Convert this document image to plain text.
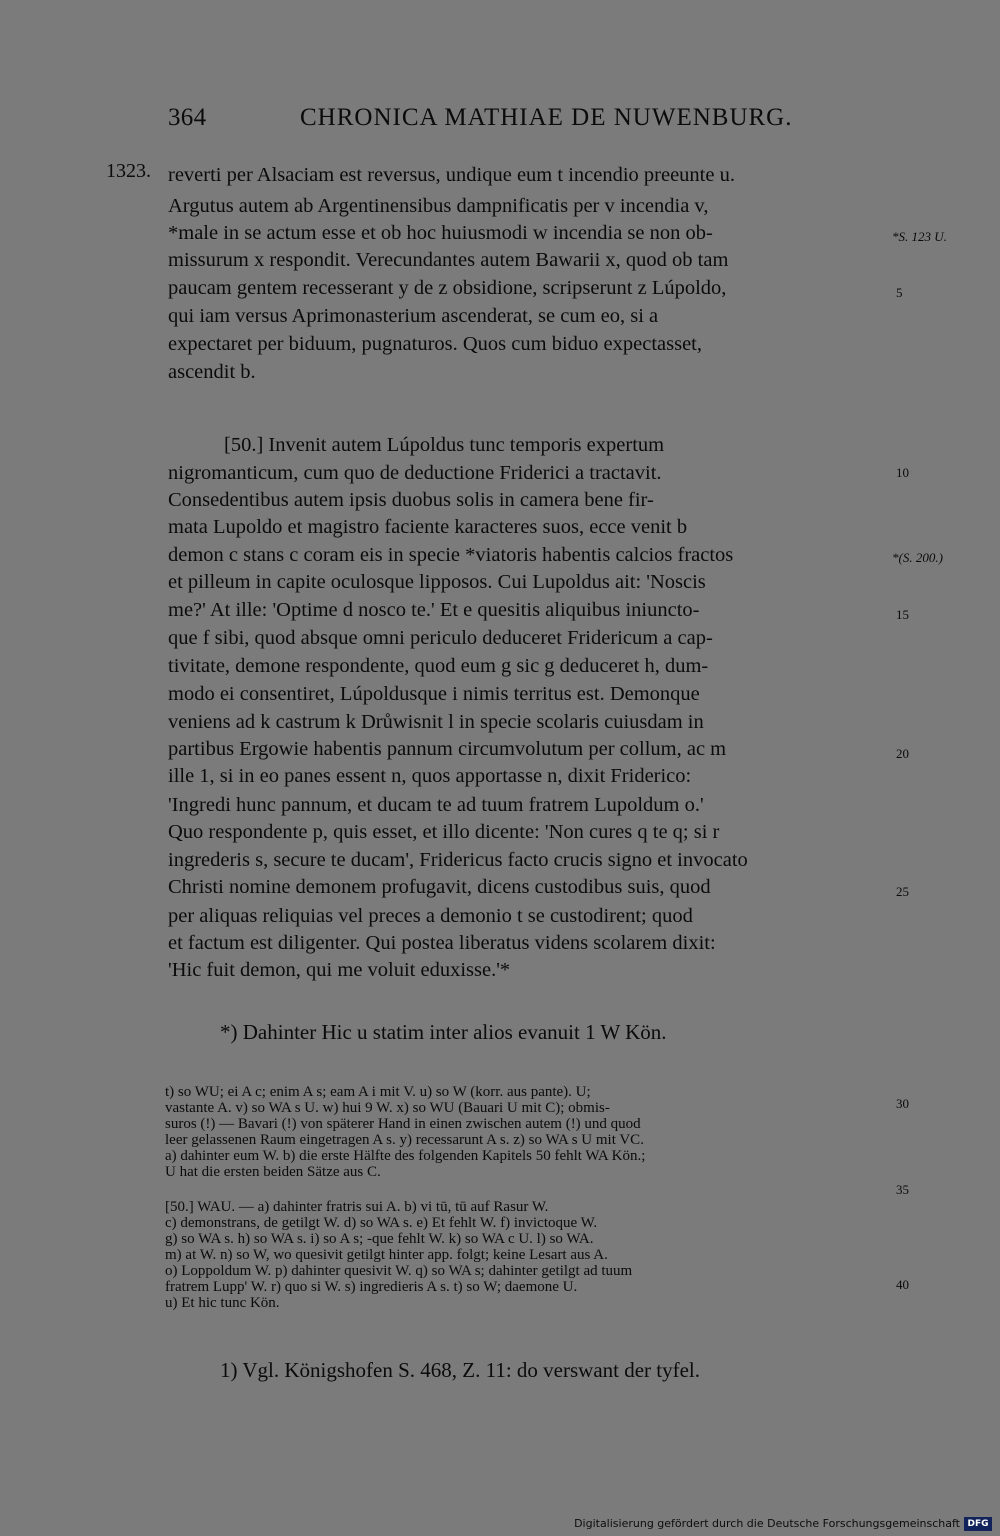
364	CHRONICA MATHIAE DE NUWENBURG.
1323. reverti per Alsaciam est reversus, undique eum t incendio preeunte u.
Argutus autem ab Argentinensibus dampnificatis per v incendia v,
*male in se actum esse et ob hoc huiusmodi w incendia se non ob-
missurum x respondit. Verecundantes autem Bawarii x, quod ob tam
paucam gentem recesserant y de z obsidione, scripserunt z Lúpoldo,
qui iam versus Aprimonasterium ascenderat, se cum eo, si a
expectaret per biduum, pugnaturos. Quos cum biduo expectasset,
ascendit b.
[50.] Invenit autem Lúpoldus tunc temporis expertum
nigromanticum, cum quo de deductione Friderici a tractavit.
Consedentibus autem ipsis duobus solis in camera bene fir-
mata Lupoldo et magistro faciente karacteres suos, ecce venit b
demon c stans c coram eis in specie *viatoris habentis calcios fractos
et pilleum in capite oculosque lipposos. Cui Lupoldus ait: 'Noscis
me?' At ille: 'Optime d nosco te.' Et e quesitis aliquibus iniuncto-
que f sibi, quod absque omni periculo deduceret Fridericum a cap-
tivitate, demone respondente, quod eum g sic g deduceret h, dum-
modo ei consentiret, Lúpoldusque i nimis territus est. Demonque
veniens ad k castrum k Drůwisnit l in specie scolaris cuiusdam in
partibus Ergowie habentis pannum circumvolutum per collum, ac m
ille 1, si in eo panes essent n, quos apportasse n, dixit Friderico:
'Ingredi hunc pannum, et ducam te ad tuum fratrem Lupoldum o.'
Quo respondente p, quis esset, et illo dicente: 'Non cures q te q; si r
ingrederis s, secure te ducam', Fridericus facto crucis signo et invocato
Christi nomine demonem profugavit, dicens custodibus suis, quod
per aliquas reliquias vel preces a demonio t se custodirent; quod
et factum est diligenter. Qui postea liberatus videns scolarem dixit:
'Hic fuit demon, qui me voluit eduxisse.'*
*S. 123 U.
*(S. 200.)
5
10
15
20
25
30
35
40
*) Dahinter Hic u statim inter alios evanuit 1 W Kön.
t) so WU; ei A c; enim A s; eam A i mit V. u) so W (korr. aus pante). U;
vastante A. v) so WA s U. w) hui 9 W. x) so WU (Bauari U mit C); obmis-
suros (!) — Bavari (!) von späterer Hand in einen zwischen autem (!) und quod
leer gelassenen Raum eingetragen A s. y) recessarunt A s. z) so WA s U mit VC.
a) dahinter eum W. b) die erste Hälfte des folgenden Kapitels 50 fehlt WA Kön.;
U hat die ersten beiden Sätze aus C.
[50.] WAU. — a) dahinter fratris sui A. b) vi tū, tū auf Rasur W.
c) demonstrans, de getilgt W. d) so WA s. e) Et fehlt W. f) invictoque W.
g) so WA s. h) so WA s. i) so A s; -que fehlt W. k) so WA c U. l) so WA.
m) at W. n) so W, wo quesivit getilgt hinter app. folgt; keine Lesart aus A.
o) Loppoldum W. p) dahinter quesivit W. q) so WA s; dahinter getilgt ad tuum
fratrem Lupp' W. r) quo si W. s) ingredieris A s. t) so W; daemone U.
u) Et hic tunc Kön.
1) Vgl. Königshofen S. 468, Z. 11: do verswant der tyfel.
Digitalisierung gefördert durch die Deutsche Forschungsgemeinschaft DFG
